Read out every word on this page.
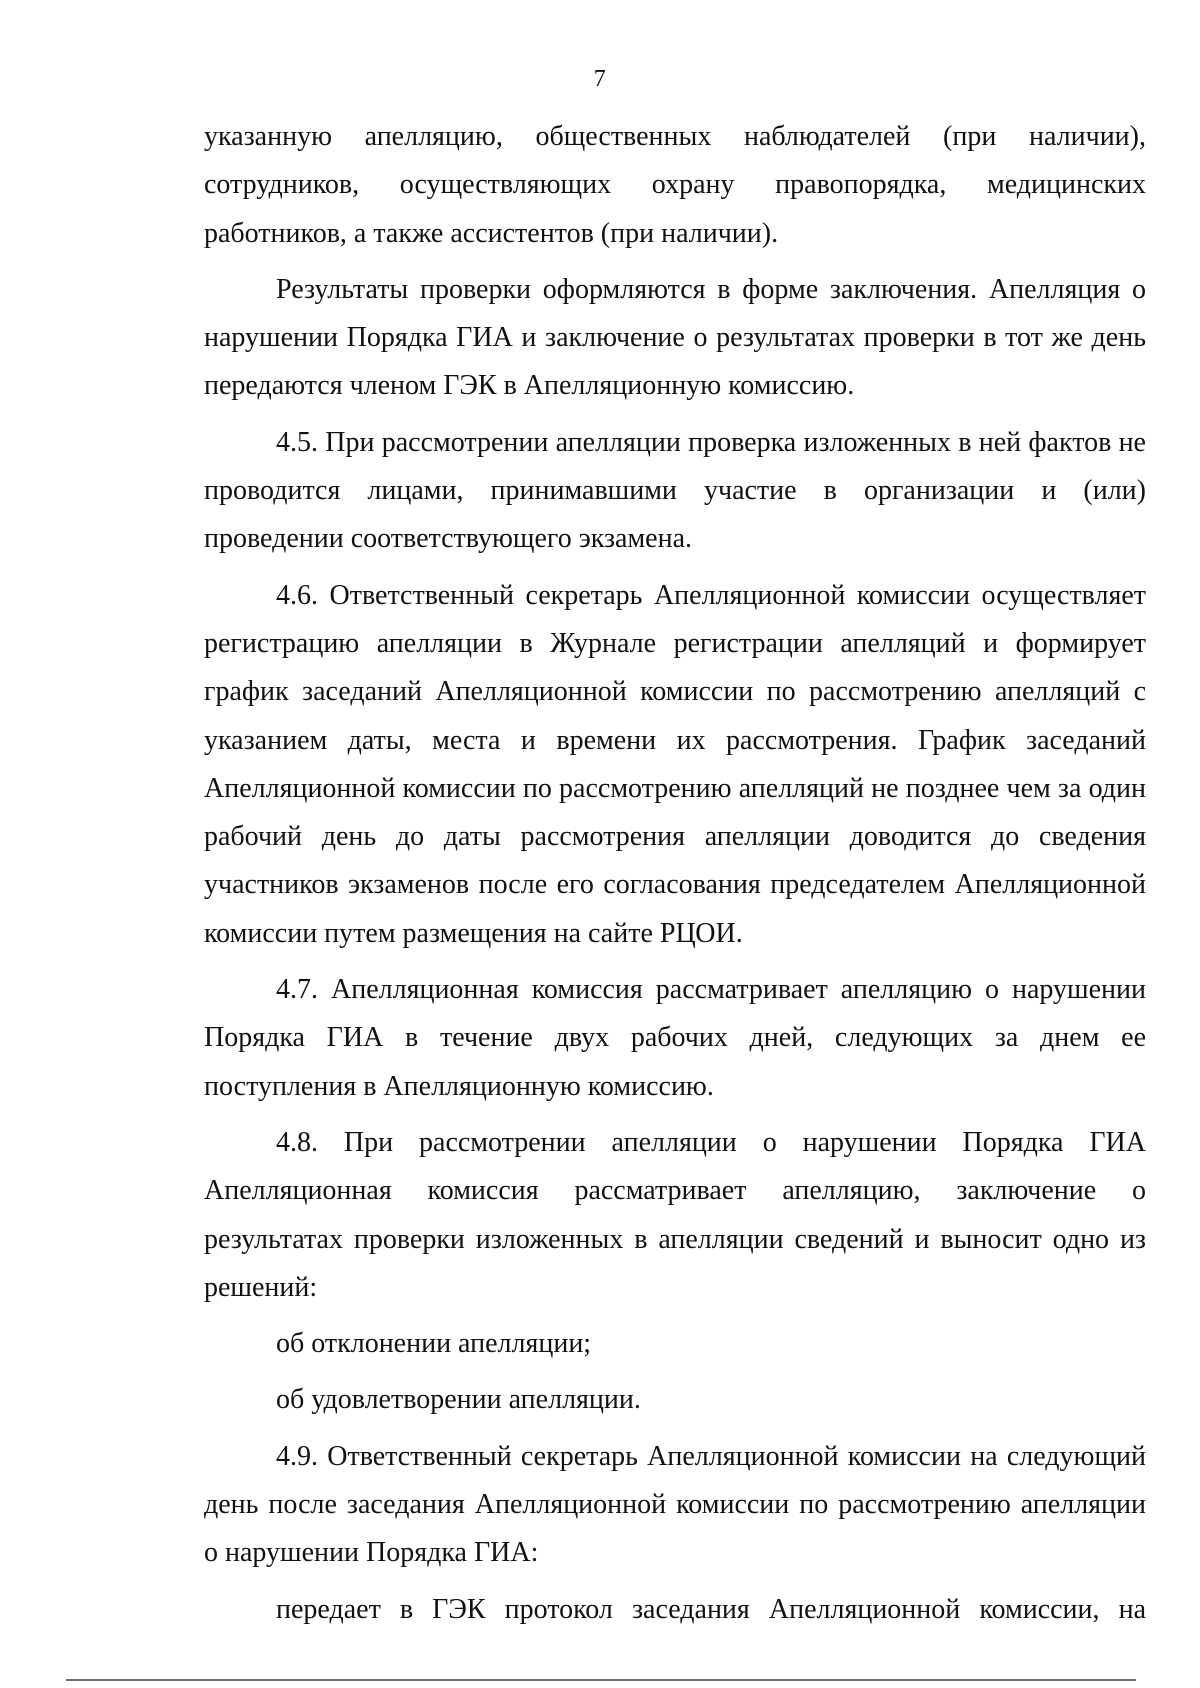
7

указанную апелляцию, общественных наблюдателей (при наличии), сотрудников, осуществляющих охрану правопорядка, медицинских работников, а также ассистентов (при наличии).

Результаты проверки оформляются в форме заключения. Апелляция о нарушении Порядка ГИА и заключение о результатах проверки в тот же день передаются членом ГЭК в Апелляционную комиссию.

4.5. При рассмотрении апелляции проверка изложенных в ней фактов не проводится лицами, принимавшими участие в организации и (или) проведении соответствующего экзамена.

4.6. Ответственный секретарь Апелляционной комиссии осуществляет регистрацию апелляции в Журнале регистрации апелляций и формирует график заседаний Апелляционной комиссии по рассмотрению апелляций с указанием даты, места и времени их рассмотрения. График заседаний Апелляционной комиссии по рассмотрению апелляций не позднее чем за один рабочий день до даты рассмотрения апелляции доводится до сведения участников экзаменов после его согласования председателем Апелляционной комиссии путем размещения на сайте РЦОИ.

4.7. Апелляционная комиссия рассматривает апелляцию о нарушении Порядка ГИА в течение двух рабочих дней, следующих за днем ее поступления в Апелляционную комиссию.

4.8. При рассмотрении апелляции о нарушении Порядка ГИА Апелляционная комиссия рассматривает апелляцию, заключение о результатах проверки изложенных в апелляции сведений и выносит одно из решений:

об отклонении апелляции;

об удовлетворении апелляции.

4.9. Ответственный секретарь Апелляционной комиссии на следующий день после заседания Апелляционной комиссии по рассмотрению апелляции о нарушении Порядка ГИА:

передает в ГЭК протокол заседания Апелляционной комиссии, на
